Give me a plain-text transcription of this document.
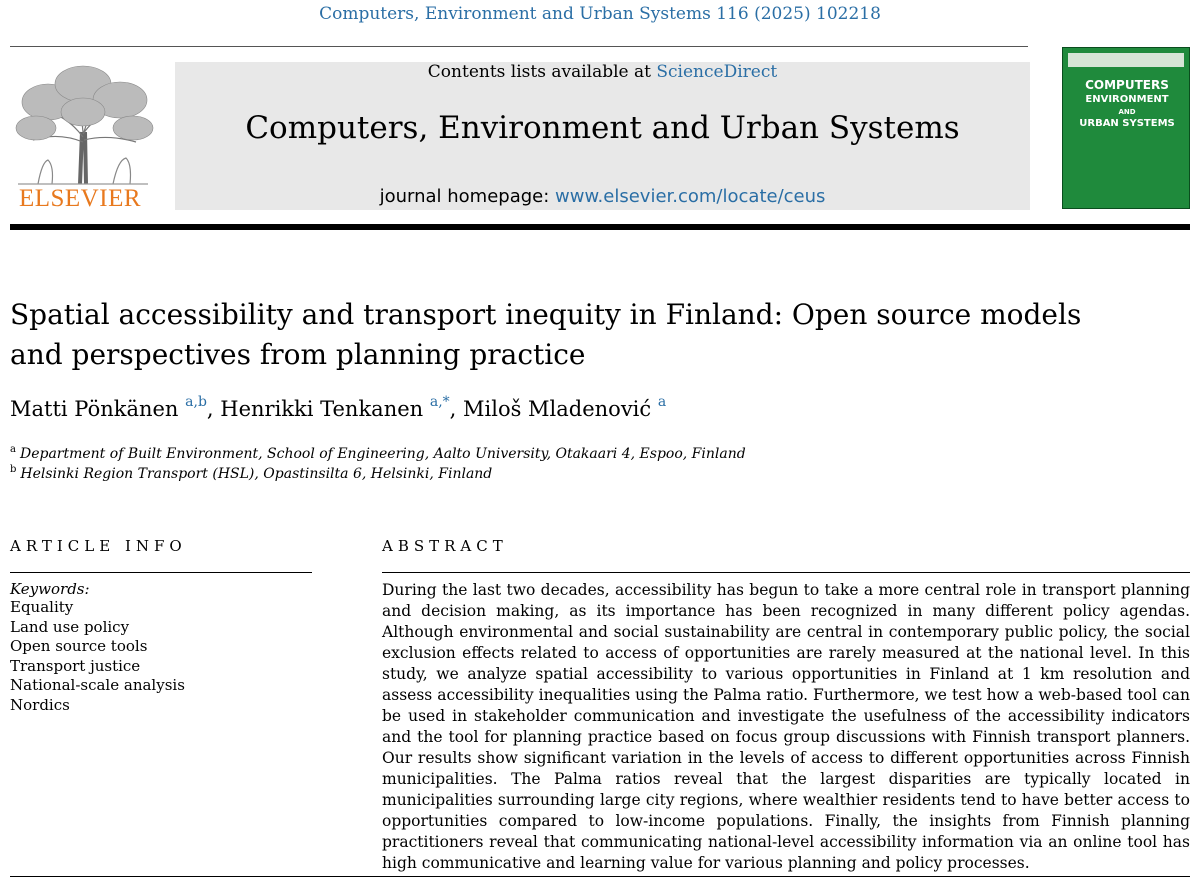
Computers, Environment and Urban Systems 116 (2025) 102218
ELSEVIER
Contents lists available at ScienceDirect
Computers, Environment and Urban Systems
journal homepage: www.elsevier.com/locate/ceus
COMPUTERS
ENVIRONMENT
AND
URBAN SYSTEMS
Spatial accessibility and transport inequity in Finland: Open source models and perspectives from planning practice
Matti Pönkänen $^{a,b}$, Henrikki Tenkanen $^{a,*}$, Miloš Mladenović $^a$
$^a$ Department of Built Environment, School of Engineering, Aalto University, Otakaari 4, Espoo, Finland
$^b$ Helsinki Region Transport (HSL), Opastinsilta 6, Helsinki, Finland
ARTICLE INFO	ABSTRACT
Keywords:
Equality
Land use policy
Open source tools
Transport justice
National-scale analysis
Nordics

During the last two decades, accessibility has begun to take a more central role in transport planning and decision making, as its importance has been recognized in many different policy agendas. Although environmental and social sustainability are central in contemporary public policy, the social exclusion effects related to access of opportunities are rarely measured at the national level. In this study, we analyze spatial accessibility to various opportunities in Finland at 1 km resolution and assess accessibility inequalities using the Palma ratio. Furthermore, we test how a web-based tool can be used in stakeholder communication and investigate the usefulness of the accessibility indicators and the tool for planning practice based on focus group discussions with Finnish transport planners. Our results show significant variation in the levels of access to different opportunities across Finnish municipalities. The Palma ratios reveal that the largest disparities are typically located in municipalities surrounding large city regions, where wealthier residents tend to have better access to opportunities compared to low-income populations. Finally, the insights from Finnish planning practitioners reveal that communicating national-level accessibility information via an online tool has high communicative and learning value for various planning and policy processes.
